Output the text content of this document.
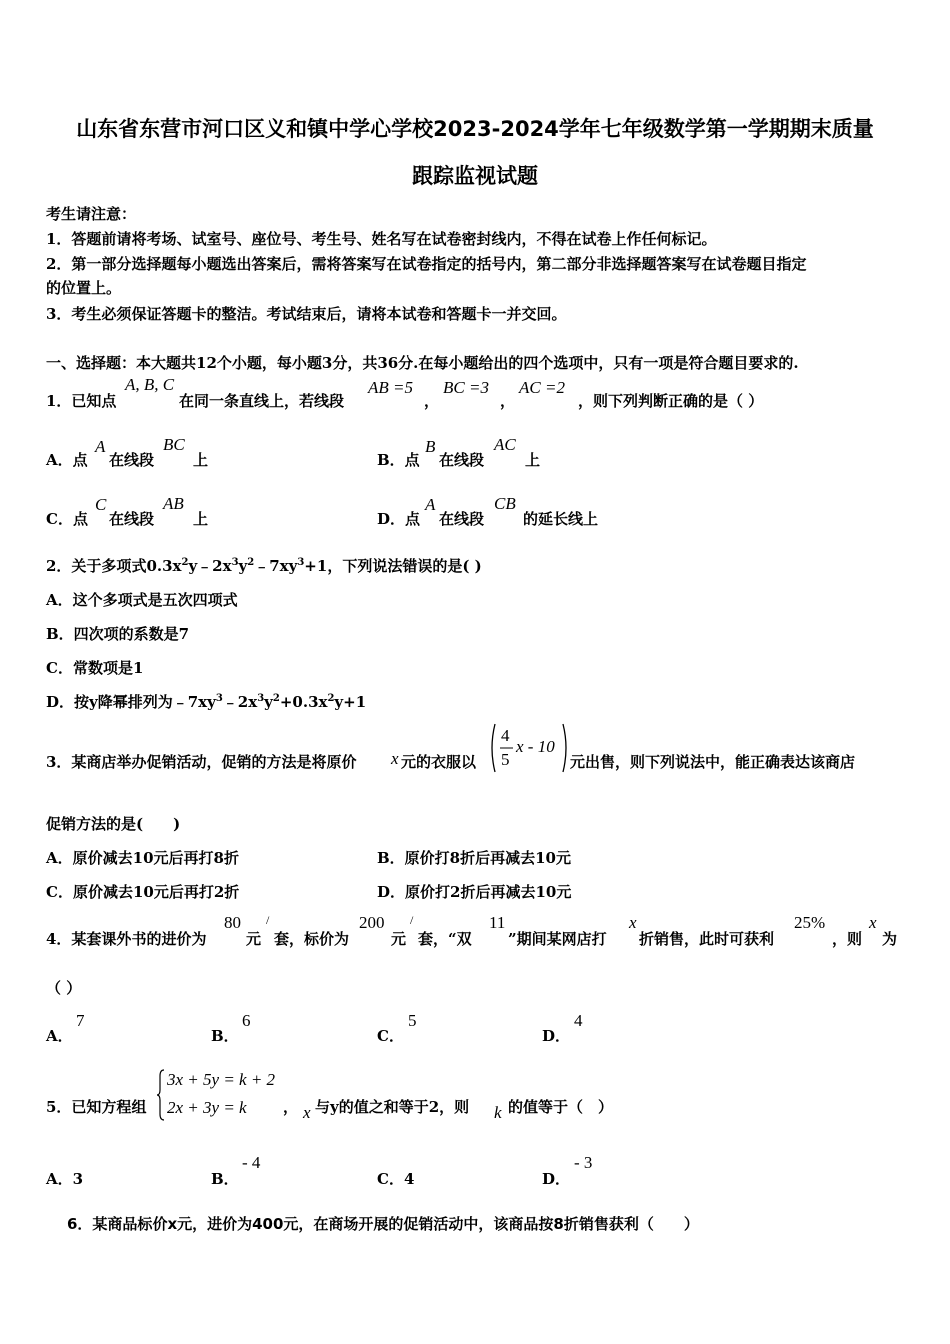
山东省东营市河口区义和镇中学心学校2023-2024学年七年级数学第一学期期末质量
跟踪监视试题
考生请注意：
1．答题前请将考场、试室号、座位号、考生号、姓名写在试卷密封线内，不得在试卷上作任何标记。
2．第一部分选择题每小题选出答案后，需将答案写在试卷指定的括号内，第二部分非选择题答案写在试卷题目指定
的位置上。
3．考生必须保证答题卡的整洁。考试结束后，请将本试卷和答题卡一并交回。
一、选择题：本大题共12个小题，每小题3分，共36分.在每小题给出的四个选项中，只有一项是符合题目要求的.
1．已知点
A, B, C
在同一条直线上，若线段
AB =5
，
BC =3
，
AC =2
，则下列判断正确的是（ ）
A．点
A
在线段
BC
上	B．点
B
在线段
AC
上
C．点
C
在线段
AB
上	D．点
A
在线段
CB
的延长线上
2．关于多项式$0.3x^2y﹣2x^3y^2﹣7xy^3+1$，下列说法错误的是( )
A．这个多项式是五次四项式
B．四次项的系数是7
C．常数项是1
D．按y降幂排列为$﹣7xy^3﹣2x^3y^2+0.3x^2y+1$
3．某商店举办促销活动，促销的方法是将原价 x 元的衣服以
4
5
x - 10
元出售，则下列说法中，能正确表达该商店
促销方法的是(　　)
A．原价减去10元后再打8折	B．原价打8折后再减去10元
C．原价减去10元后再打2折	D．原价打2折后再减去10元
4．某套课外书的进价为
80
元
/
套，标价为
200
元
/
套，“双
11
”期间某网店打
x
折销售，此时可获利
25%
，则
x
为
（ ）
A．
7
B．
6
C．
5
D．
4
5．已知方程组
3x + 5y = k + 2
2x + 3y = k ， x 与y的值之和等于2，则 k 的值等于（　）
A．3	B．
- 4
C．4	D．
- 3
6．某商品标价x元，进价为400元，在商场开展的促销活动中，该商品按8折销售获利（　　）
